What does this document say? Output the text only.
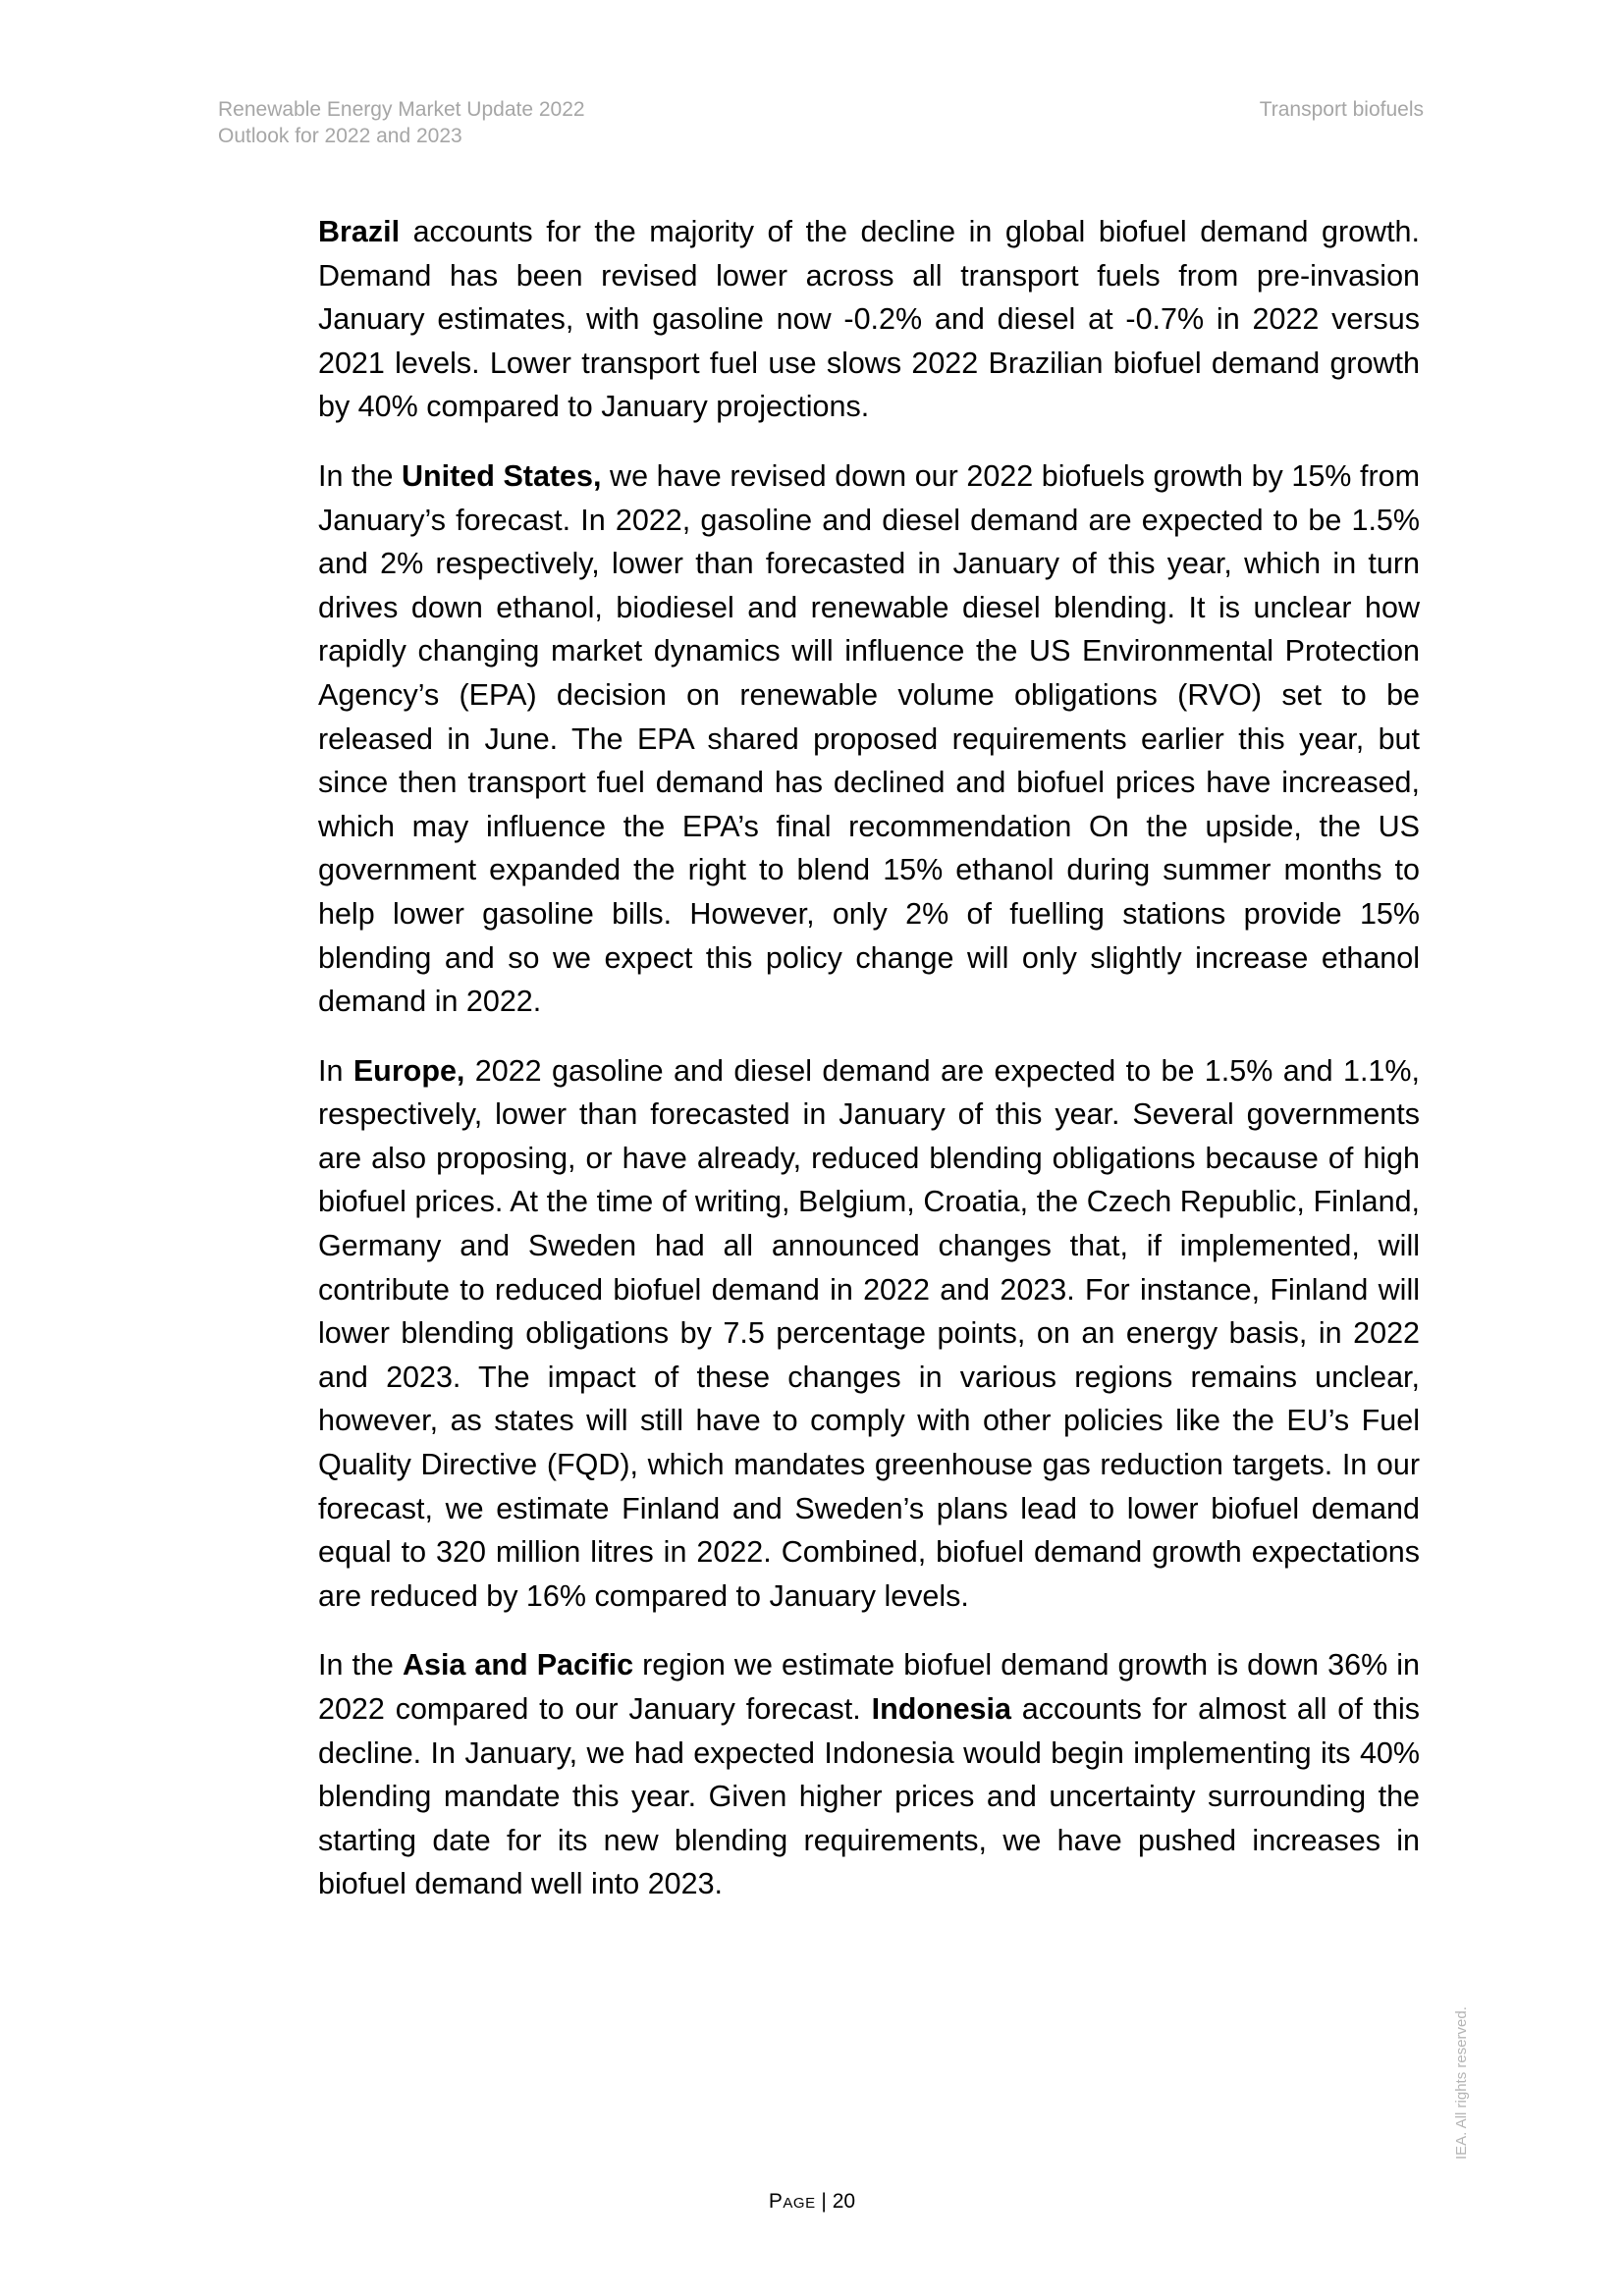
Renewable Energy Market Update 2022
Outlook for 2022 and 2023
Transport biofuels

Brazil accounts for the majority of the decline in global biofuel demand growth. Demand has been revised lower across all transport fuels from pre-invasion January estimates, with gasoline now -0.2% and diesel at -0.7% in 2022 versus 2021 levels. Lower transport fuel use slows 2022 Brazilian biofuel demand growth by 40% compared to January projections.

In the United States, we have revised down our 2022 biofuels growth by 15% from January’s forecast. In 2022, gasoline and diesel demand are expected to be 1.5% and 2% respectively, lower than forecasted in January of this year, which in turn drives down ethanol, biodiesel and renewable diesel blending. It is unclear how rapidly changing market dynamics will influence the US Environmental Protection Agency’s (EPA) decision on renewable volume obligations (RVO) set to be released in June. The EPA shared proposed requirements earlier this year, but since then transport fuel demand has declined and biofuel prices have increased, which may influence the EPA’s final recommendation On the upside, the US government expanded the right to blend 15% ethanol during summer months to help lower gasoline bills. However, only 2% of fuelling stations provide 15% blending and so we expect this policy change will only slightly increase ethanol demand in 2022.

In Europe, 2022 gasoline and diesel demand are expected to be 1.5% and 1.1%, respectively, lower than forecasted in January of this year. Several governments are also proposing, or have already, reduced blending obligations because of high biofuel prices. At the time of writing, Belgium, Croatia, the Czech Republic, Finland, Germany and Sweden had all announced changes that, if implemented, will contribute to reduced biofuel demand in 2022 and 2023. For instance, Finland will lower blending obligations by 7.5 percentage points, on an energy basis, in 2022 and 2023. The impact of these changes in various regions remains unclear, however, as states will still have to comply with other policies like the EU’s Fuel Quality Directive (FQD), which mandates greenhouse gas reduction targets. In our forecast, we estimate Finland and Sweden’s plans lead to lower biofuel demand equal to 320 million litres in 2022. Combined, biofuel demand growth expectations are reduced by 16% compared to January levels.

In the Asia and Pacific region we estimate biofuel demand growth is down 36% in 2022 compared to our January forecast. Indonesia accounts for almost all of this decline. In January, we had expected Indonesia would begin implementing its 40% blending mandate this year. Given higher prices and uncertainty surrounding the starting date for its new blending requirements, we have pushed increases in biofuel demand well into 2023.

Page | 20
IEA. All rights reserved.
